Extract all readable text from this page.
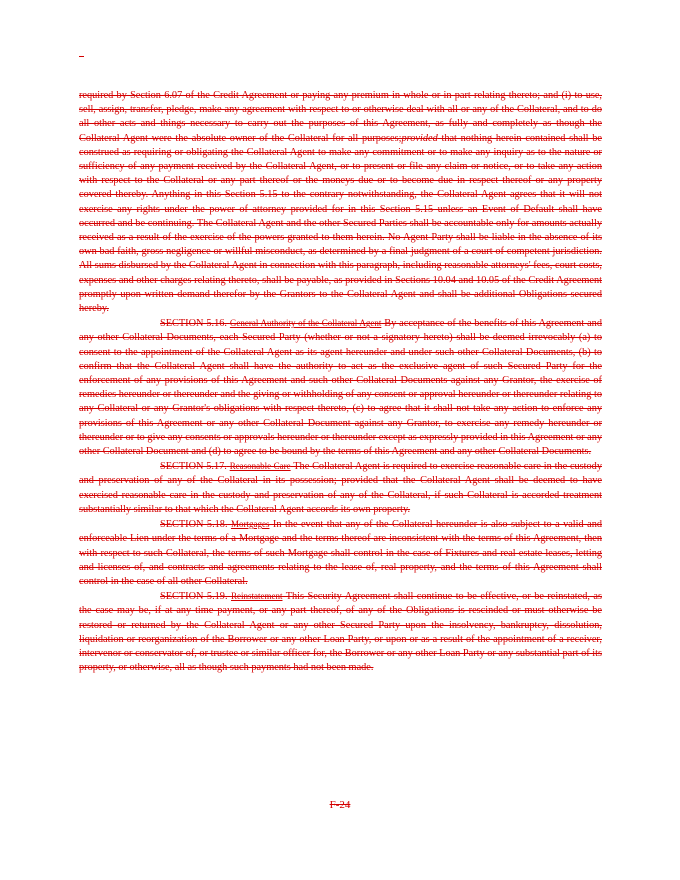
required by Section 6.07 of the Credit Agreement or paying any premium in whole or in part relating thereto; and (i) to use, sell, assign, transfer, pledge, make any agreement with respect to or otherwise deal with all or any of the Collateral, and to do all other acts and things necessary to carry out the purposes of this Agreement, as fully and completely as though the Collateral Agent were the absolute owner of the Collateral for all purposes;provided that nothing herein contained shall be construed as requiring or obligating the Collateral Agent to make any commitment or to make any inquiry as to the nature or sufficiency of any payment received by the Collateral Agent, or to present or file any claim or notice, or to take any action with respect to the Collateral or any part thereof or the moneys due or to become due in respect thereof or any property covered thereby. Anything in this Section 5.15 to the contrary notwithstanding, the Collateral Agent agrees that it will not exercise any rights under the power of attorney provided for in this Section 5.15 unless an Event of Default shall have occurred and be continuing. The Collateral Agent and the other Secured Parties shall be accountable only for amounts actually received as a result of the exercise of the powers granted to them herein. No Agent Party shall be liable in the absence of its own bad faith, gross negligence or willful misconduct, as determined by a final judgment of a court of competent jurisdiction. All sums disbursed by the Collateral Agent in connection with this paragraph, including reasonable attorneys' fees, court costs, expenses and other charges relating thereto, shall be payable, as provided in Sections 10.04 and 10.05 of the Credit Agreement promptly upon written demand therefor by the Grantors to the Collateral Agent and shall be additional Obligations secured hereby.

SECTION 5.16. General Authority of the Collateral Agent By acceptance of the benefits of this Agreement and any other Collateral Documents, each Secured Party (whether or not a signatory hereto) shall be deemed irrevocably (a) to consent to the appointment of the Collateral Agent as its agent hereunder and under such other Collateral Documents, (b) to confirm that the Collateral Agent shall have the authority to act as the exclusive agent of such Secured Party for the enforcement of any provisions of this Agreement and such other Collateral Documents against any Grantor, the exercise of remedies hereunder or thereunder and the giving or withholding of any consent or approval hereunder or thereunder relating to any Collateral or any Grantor's obligations with respect thereto, (c) to agree that it shall not take any action to enforce any provisions of this Agreement or any other Collateral Document against any Grantor, to exercise any remedy hereunder or thereunder or to give any consents or approvals hereunder or thereunder except as expressly provided in this Agreement or any other Collateral Document and (d) to agree to be bound by the terms of this Agreement and any other Collateral Documents.

SECTION 5.17. Reasonable Care The Collateral Agent is required to exercise reasonable care in the custody and preservation of any of the Collateral in its possession; provided that the Collateral Agent shall be deemed to have exercised reasonable care in the custody and preservation of any of the Collateral, if such Collateral is accorded treatment substantially similar to that which the Collateral Agent accords its own property.

SECTION 5.18. Mortgages In the event that any of the Collateral hereunder is also subject to a valid and enforceable Lien under the terms of a Mortgage and the terms thereof are inconsistent with the terms of this Agreement, then with respect to such Collateral, the terms of such Mortgage shall control in the case of Fixtures and real estate leases, letting and licenses of, and contracts and agreements relating to the lease of, real property, and the terms of this Agreement shall control in the case of all other Collateral.

SECTION 5.19. Reinstatement This Security Agreement shall continue to be effective, or be reinstated, as the case may be, if at any time payment, or any part thereof, of any of the Obligations is rescinded or must otherwise be restored or returned by the Collateral Agent or any other Secured Party upon the insolvency, bankruptcy, dissolution, liquidation or reorganization of the Borrower or any other Loan Party, or upon or as a result of the appointment of a receiver, intervenor or conservator of, or trustee or similar officer for, the Borrower or any other Loan Party or any substantial part of its property, or otherwise, all as though such payments had not been made.

F-24
